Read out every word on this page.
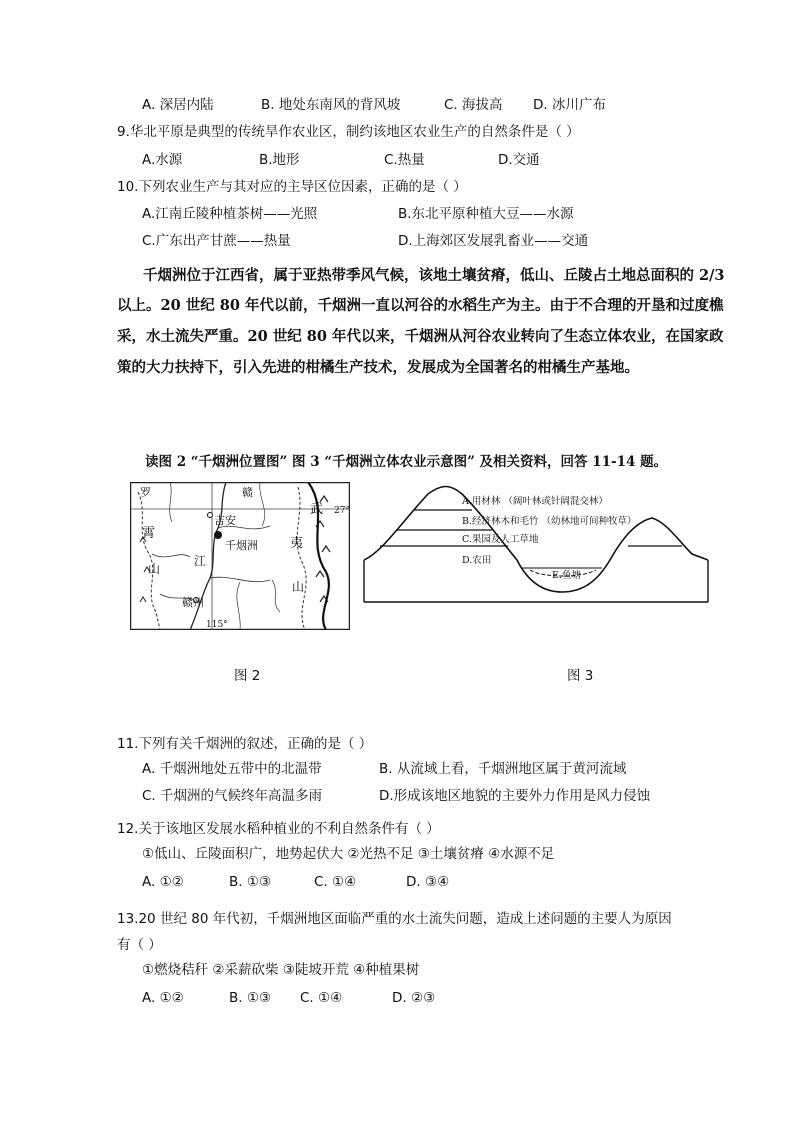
A. 深居内陆	B. 地处东南风的背风坡	C. 海拔高 D. 冰川广布
9.华北平原是典型的传统旱作农业区，制约该地区农业生产的自然条件是（ ）
A.水源	B.地形	C.热量	D.交通
10.下列农业生产与其对应的主导区位因素，正确的是（ ）
A.江南丘陵种植茶树——光照	B.东北平原种植大豆——水源
C.广东出产甘蔗——热量	D.上海郊区发展乳畜业——交通
千烟洲位于江西省，属于亚热带季风气候，该地土壤贫瘠，低山、丘陵占土地总面积的 2/3
以上。20 世纪 80 年代以前，千烟洲一直以河谷的水稻生产为主。由于不合理的开垦和过度樵
采，水土流失严重。20 世纪 80 年代以来，千烟洲从河谷农业转向了生态立体农业，在国家政
策的大力扶持下，引入先进的柑橘生产技术，发展成为全国著名的柑橘生产基地。
读图 2 “千烟洲位置图” 图 3 “千烟洲立体农业示意图” 及相关资料，回答 11-14 题。
罗	赣
武 27°
吉安
千烟洲
霄
山
江
夷
山
赣州
115°
A.用材林 （阔叶林或针阔混交林）
B.经济林木和毛竹 （幼林地可间种牧草）
C.果园及人工草地
D.农田
E.鱼塘
图 2	图 3
11.下列有关千烟洲的叙述，正确的是（ ）
A. 千烟洲地处五带中的北温带	B. 从流域上看，千烟洲地区属于黄河流域
C. 千烟洲的气候终年高温多雨	D.形成该地区地貌的主要外力作用是风力侵蚀
12.关于该地区发展水稻种植业的不利自然条件有（ ）
①低山、丘陵面积广，地势起伏大 ②光热不足 ③土壤贫瘠 ④水源不足
A. ①②	B. ①③	C. ①④	D. ③④
13.20 世纪 80 年代初，千烟洲地区面临严重的水土流失问题，造成上述问题的主要人为原因
有（ ）
①燃烧秸秆 ②采薪砍柴 ③陡坡开荒 ④种植果树
A. ①②	B. ①③ C. ①④	D. ②③
